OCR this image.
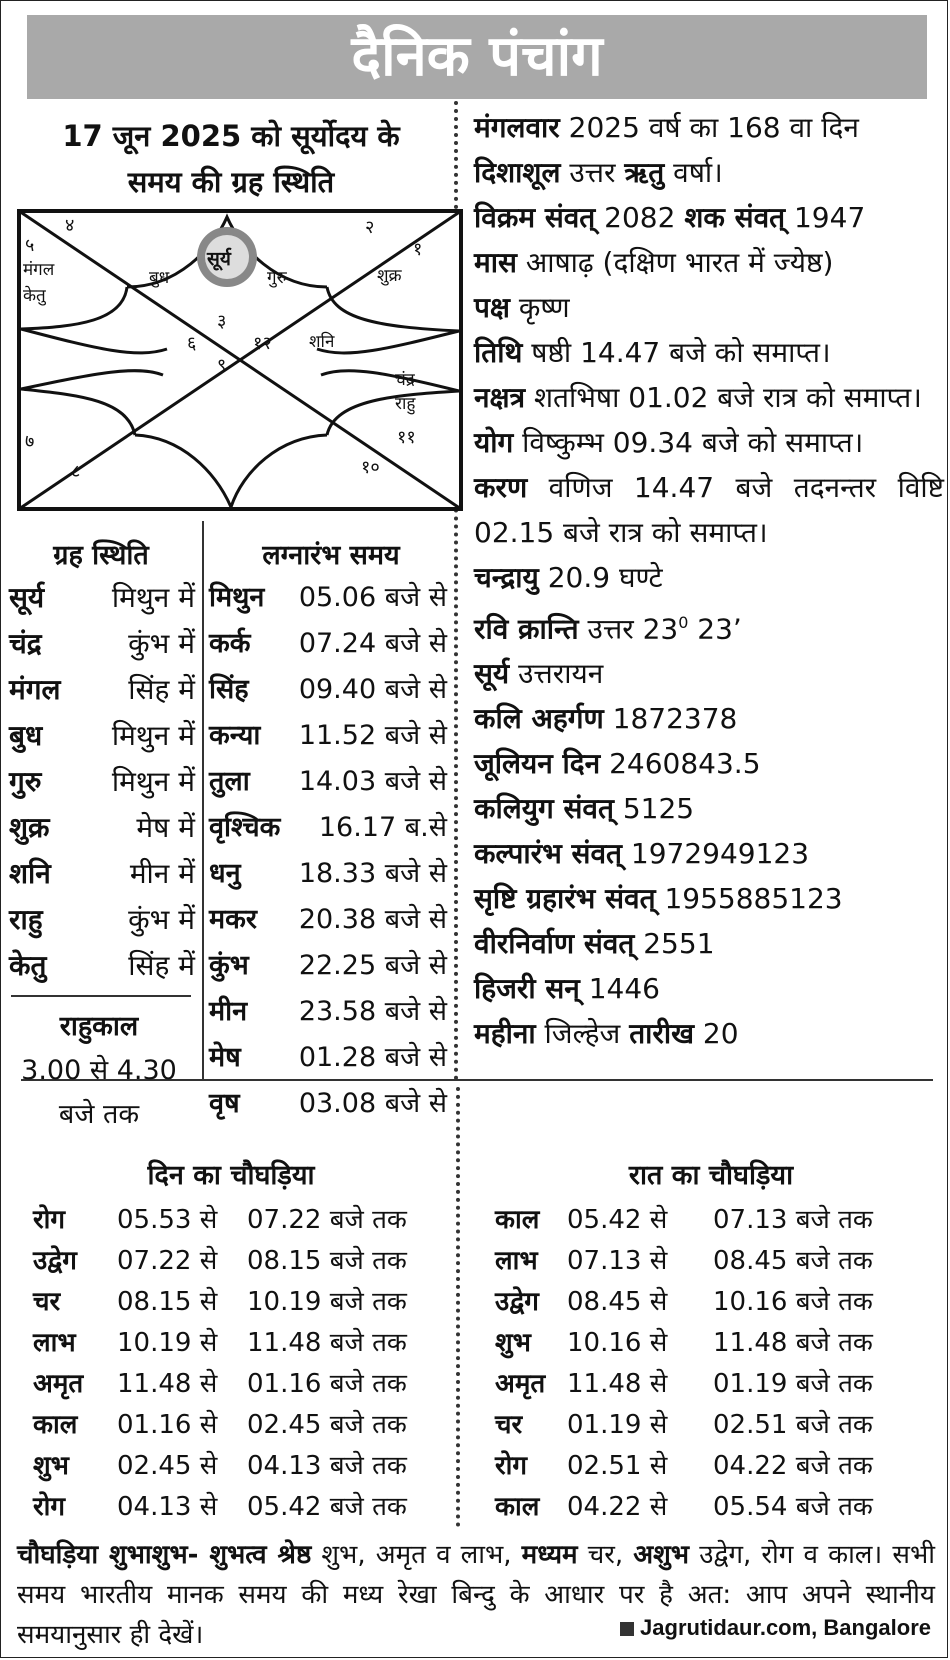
दैनिक पंचांग
17 जून 2025 को सूर्योदय के
समय की ग्रह स्थिति
४	२
१
५
३
६	१२
९
११
७
८	१०
सूर्य
बुध	गुरु	शुक्र
मंगल
केतु
शनि
चंद्र
राहु
मंगलवार 2025 वर्ष का 168 वा दिन
दिशाशूल उत्तर ऋतु वर्षा।
विक्रम संवत् 2082 शक संवत् 1947
मास आषाढ़ (दक्षिण भारत में ज्येष्ठ)
पक्ष कृष्ण
तिथि षष्ठी 14.47 बजे को समाप्त।
नक्षत्र शतभिषा 01.02 बजे रात्र को समाप्त।
योग विष्कुम्भ 09.34 बजे को समाप्त।
करण वणिज 14.47 बजे तदनन्तर विष्टि 02.15 बजे रात्र को समाप्त।
चन्द्रायु 20.9 घण्टे
रवि क्रान्ति उत्तर $23^0$ 23’
सूर्य उत्तरायन
कलि अहर्गण 1872378
जूलियन दिन 2460843.5
कलियुग संवत् 5125
कल्पारंभ संवत् 1972949123
सृष्टि ग्रहारंभ संवत् 1955885123
वीरनिर्वाण संवत् 2551
हिजरी सन् 1446
महीना जिल्हेज तारीख 20
ग्रह स्थिति
सूर्य मिथुन में
चंद्र	कुंभ में
मंगल सिंह में
बुध मिथुन में
गुरु	मिथुन में
शुक्र	मेष में
शनि	मीन में
राहु	कुंभ में
केतु	सिंह में
राहुकाल
3.00 से 4.30
बजे तक
लग्नारंभ समय
मिथुन 05.06 बजे से
कर्क 07.24 बजे से
सिंह 09.40 बजे से
कन्या 11.52 बजे से
तुला 14.03 बजे से
वृश्चिक 16.17 ब.से
धनु 18.33 बजे से
मकर 20.38 बजे से
कुंभ 22.25 बजे से
मीन 23.58 बजे से
मेष 01.28 बजे से
वृष 03.08 बजे से
दिन का चौघड़िया
रोग 05.53 से 07.22 बजे तक
उद्वेग 07.22 से 08.15 बजे तक
चर 08.15 से 10.19 बजे तक
लाभ 10.19 से 11.48 बजे तक
अमृत 11.48 से 01.16 बजे तक
काल 01.16 से 02.45 बजे तक
शुभ 02.45 से 04.13 बजे तक
रोग 04.13 से 05.42 बजे तक
रात का चौघड़िया
काल 05.42 से 07.13 बजे तक
लाभ 07.13 से 08.45 बजे तक
उद्वेग 08.45 से 10.16 बजे तक
शुभ 10.16 से 11.48 बजे तक
अमृत 11.48 से 01.19 बजे तक
चर 01.19 से 02.51 बजे तक
रोग 02.51 से 04.22 बजे तक
काल 04.22 से 05.54 बजे तक
चौघड़िया शुभाशुभ- शुभत्व श्रेष्ठ शुभ, अमृत व लाभ, मध्यम चर, अशुभ उद्वेग, रोग व काल। सभी समय भारतीय मानक समय की मध्य रेखा बिन्दु के आधार पर है अत: आप अपने स्थानीय समयानुसार ही देखें।	Jagrutidaur.com, Bangalore
